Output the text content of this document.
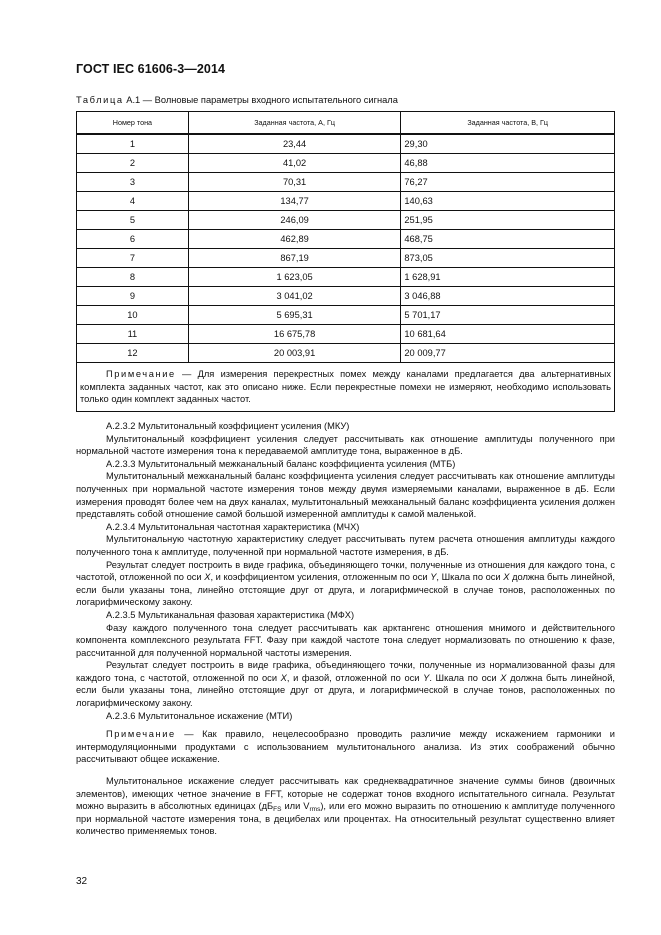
ГОСТ IEC 61606-3—2014
Таблица А.1 — Волновые параметры входного испытательного сигнала
Номер тона	Заданная частота, А, Гц	Заданная частота, В, Гц
1	23,44	29,30
2	41,02	46,88
3	70,31	76,27
4	134,77	140,63
5	246,09	251,95
6	462,89	468,75
7	867,19	873,05
8	1 623,05	1 628,91
9	3 041,02	3 046,88
10	5 695,31	5 701,17
11	16 675,78	10 681,64
12	20 003,91	20 009,77
Примечание — Для измерения перекрестных помех между каналами предлагается два альтернативных комплекта заданных частот, как это описано ниже. Если перекрестные помехи не измеряют, необходимо использовать только один комплект заданных частот.		

А.2.3.2 Мультитональный коэффициент усиления (МКУ)

Мультитональный коэффициент усиления следует рассчитывать как отношение амплитуды полученного при нормальной частоте измерения тона к передаваемой амплитуде тона, выраженное в дБ.

А.2.3.3 Мультитональный межканальный баланс коэффициента усиления (МТБ)

Мультитональный межканальный баланс коэффициента усиления следует рассчитывать как отношение амплитуды полученных при нормальной частоте измерения тонов между двумя измеряемыми каналами, выраженное в дБ. Если измерения проводят более чем на двух каналах, мультитональный межканальный баланс коэффициента усиления должен представлять собой отношение самой большой измеренной амплитуды к самой маленькой.

А.2.3.4 Мультитональная частотная характеристика (МЧХ)

Мультитональную частотную характеристику следует рассчитывать путем расчета отношения амплитуды каждого полученного тона к амплитуде, полученной при нормальной частоте измерения, в дБ.

Результат следует построить в виде графика, объединяющего точки, полученные из отношения для каждого тона, с частотой, отложенной по оси X, и коэффициентом усиления, отложенным по оси Y, Шкала по оси X должна быть линейной, если были указаны тона, линейно отстоящие друг от друга, и логарифмической в случае тонов, расположенных по логарифмическому закону.

А.2.3.5 Мультиканальная фазовая характеристика (МФХ)

Фазу каждого полученного тона следует рассчитывать как арктангенс отношения мнимого и действительного компонента комплексного результата FFT. Фазу при каждой частоте тона следует нормализовать по отношению к фазе, рассчитанной для полученной нормальной частоты измерения.

Результат следует построить в виде графика, объединяющего точки, полученные из нормализованной фазы для каждого тона, с частотой, отложенной по оси X, и фазой, отложенной по оси Y. Шкала по оси X должна быть линейной, если были указаны тона, линейно отстоящие друг от друга, и логарифмической в случае тонов, расположенных по логарифмическому закону.

А.2.3.6 Мультитональное искажение (МТИ)

Примечание — Как правило, нецелесообразно проводить различие между искажением гармоники и интермодуляционными продуктами с использованием мультитонального анализа. Из этих соображений обычно рассчитывают общее искажение.

Мультитональное искажение следует рассчитывать как среднеквадратичное значение суммы бинов (двоичных элементов), имеющих четное значение в FFT, которые не содержат тонов входного испытательного сигнала. Результат можно выразить в абсолютных единицах ($дБ_{FS}$ или $V_{rms}$), или его можно выразить по отношению к амплитуде полученного при нормальной частоте измерения тона, в децибелах или процентах. На относительный результат существенно влияет количество применяемых тонов.

32
